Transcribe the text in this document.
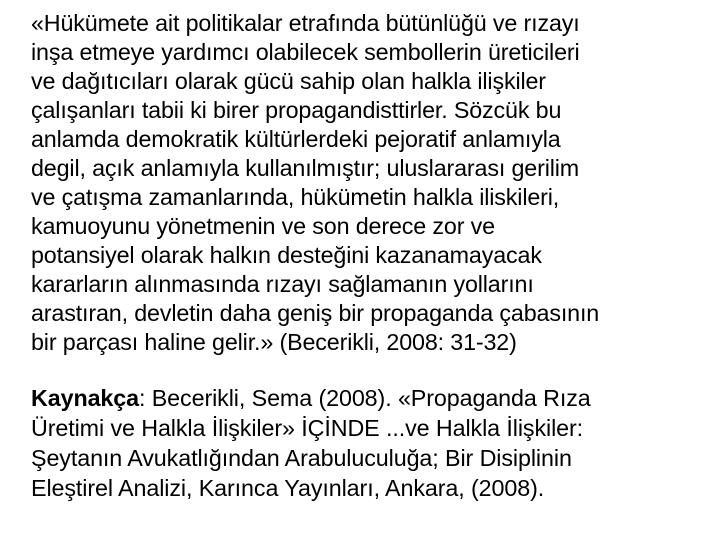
«Hükümete ait politikalar etrafında bütünlüğü ve rızayı
inşa etmeye yardımcı olabilecek sembollerin üreticileri
ve dağıtıcıları olarak gücü sahip olan halkla ilişkiler
çalışanları tabii ki birer propagandisttirler. Sözcük bu
anlamda demokratik kültürlerdeki pejoratif anlamıyla
degil, açık anlamıyla kullanılmıştır; uluslararası gerilim
ve çatışma zamanlarında, hükümetin halkla iliskileri,
kamuoyunu yönetmenin ve son derece zor ve
potansiyel olarak halkın desteğini kazanamayacak
kararların alınmasında rızayı sağlamanın yollarını
arastıran, devletin daha geniş bir propaganda çabasının
bir parçası haline gelir.» (Becerikli, 2008: 31-32)

Kaynakça: Becerikli, Sema (2008). «Propaganda Rıza
Üretimi ve Halkla İlişkiler» İÇİNDE ...ve Halkla İlişkiler:
Şeytanın Avukatlığından Arabuluculuğa; Bir Disiplinin
Eleştirel Analizi, Karınca Yayınları, Ankara, (2008).
